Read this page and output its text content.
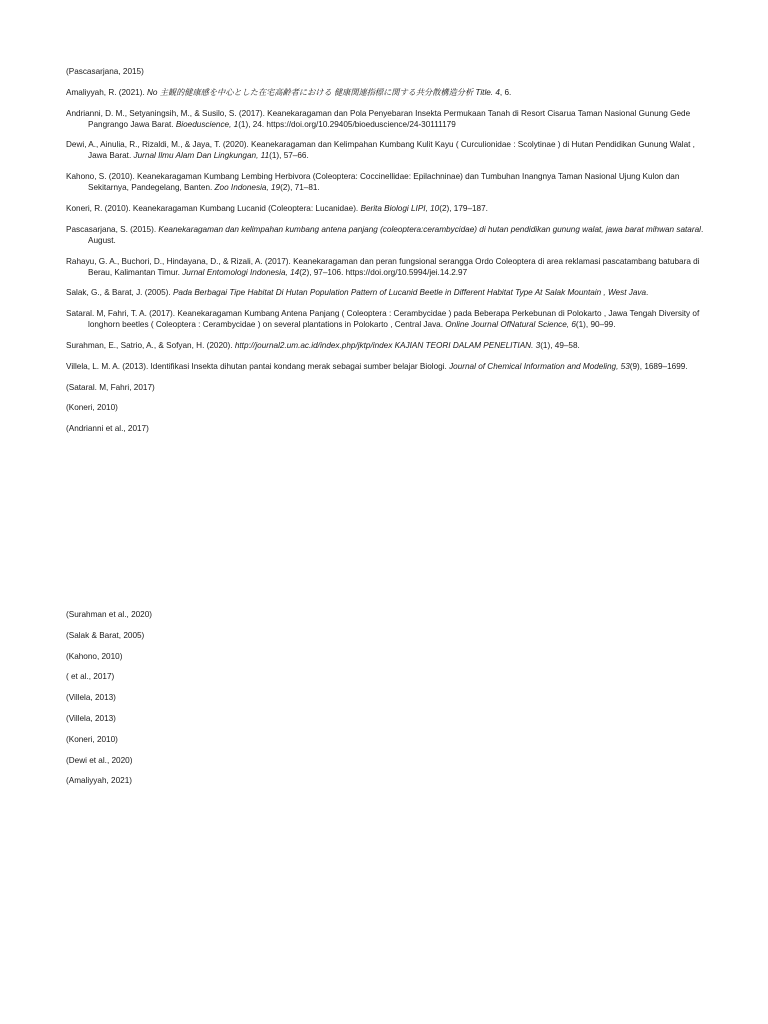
(Pascasarjana, 2015)

Amaliyyah, R. (2021). No 主観的健康感を中心とした在宅高齢者における 健康関連指標に関する共分散構造分析 Title. 4, 6.

Andrianni, D. M., Setyaningsih, M., & Susilo, S. (2017). Keanekaragaman dan Pola Penyebaran Insekta Permukaan Tanah di Resort Cisarua Taman Nasional Gunung Gede Pangrango Jawa Barat. Bioeduscience, 1(1), 24. https://doi.org/10.29405/bioeduscience/24-30111179

Dewi, A., Ainulia, R., Rizaldi, M., & Jaya, T. (2020). Keanekaragaman dan Kelimpahan Kumbang Kulit Kayu ( Curculionidae : Scolytinae ) di Hutan Pendidikan Gunung Walat , Jawa Barat. Jurnal Ilmu Alam Dan Lingkungan, 11(1), 57–66.

Kahono, S. (2010). Keanekaragaman Kumbang Lembing Herbivora (Coleoptera: Coccinellidae: Epilachninae) dan Tumbuhan Inangnya Taman Nasional Ujung Kulon dan Sekitarnya, Pandegelang, Banten. Zoo Indonesia, 19(2), 71–81.

Koneri, R. (2010). Keanekaragaman Kumbang Lucanid (Coleoptera: Lucanidae). Berita Biologi LIPI, 10(2), 179–187.

Pascasarjana, S. (2015). Keanekaragaman dan kelimpahan kumbang antena panjang (coleoptera:cerambycidae) di hutan pendidikan gunung walat, jawa barat mihwan sataral. August.

Rahayu, G. A., Buchori, D., Hindayana, D., & Rizali, A. (2017). Keanekaragaman dan peran fungsional serangga Ordo Coleoptera di area reklamasi pascatambang batubara di Berau, Kalimantan Timur. Jurnal Entomologi Indonesia, 14(2), 97–106. https://doi.org/10.5994/jei.14.2.97

Salak, G., & Barat, J. (2005). Pada Berbagai Tipe Habitat Di Hutan Population Pattern of Lucanid Beetle in Different Habitat Type At Salak Mountain , West Java.

Sataral. M, Fahri, T. A. (2017). Keanekaragaman Kumbang Antena Panjang ( Coleoptera : Cerambycidae ) pada Beberapa Perkebunan di Polokarto , Jawa Tengah Diversity of longhorn beetles ( Coleoptera : Cerambycidae ) on several plantations in Polokarto , Central Java. Online Journal OfNatural Science, 6(1), 90–99.

Surahman, E., Satrio, A., & Sofyan, H. (2020). http://journal2.um.ac.id/index.php/jktp/index KAJIAN TEORI DALAM PENELITIAN. 3(1), 49–58.

Villela, L. M. A. (2013). Identifikasi Insekta dihutan pantai kondang merak sebagai sumber belajar Biologi. Journal of Chemical Information and Modeling, 53(9), 1689–1699.

(Sataral. M, Fahri, 2017)

(Koneri, 2010)

(Andrianni et al., 2017)

(Surahman et al., 2020)

(Salak & Barat, 2005)

(Kahono, 2010)

( et al., 2017)

(Villela, 2013)

(Villela, 2013)

(Koneri, 2010)

(Dewi et al., 2020)

(Amaliyyah, 2021)
